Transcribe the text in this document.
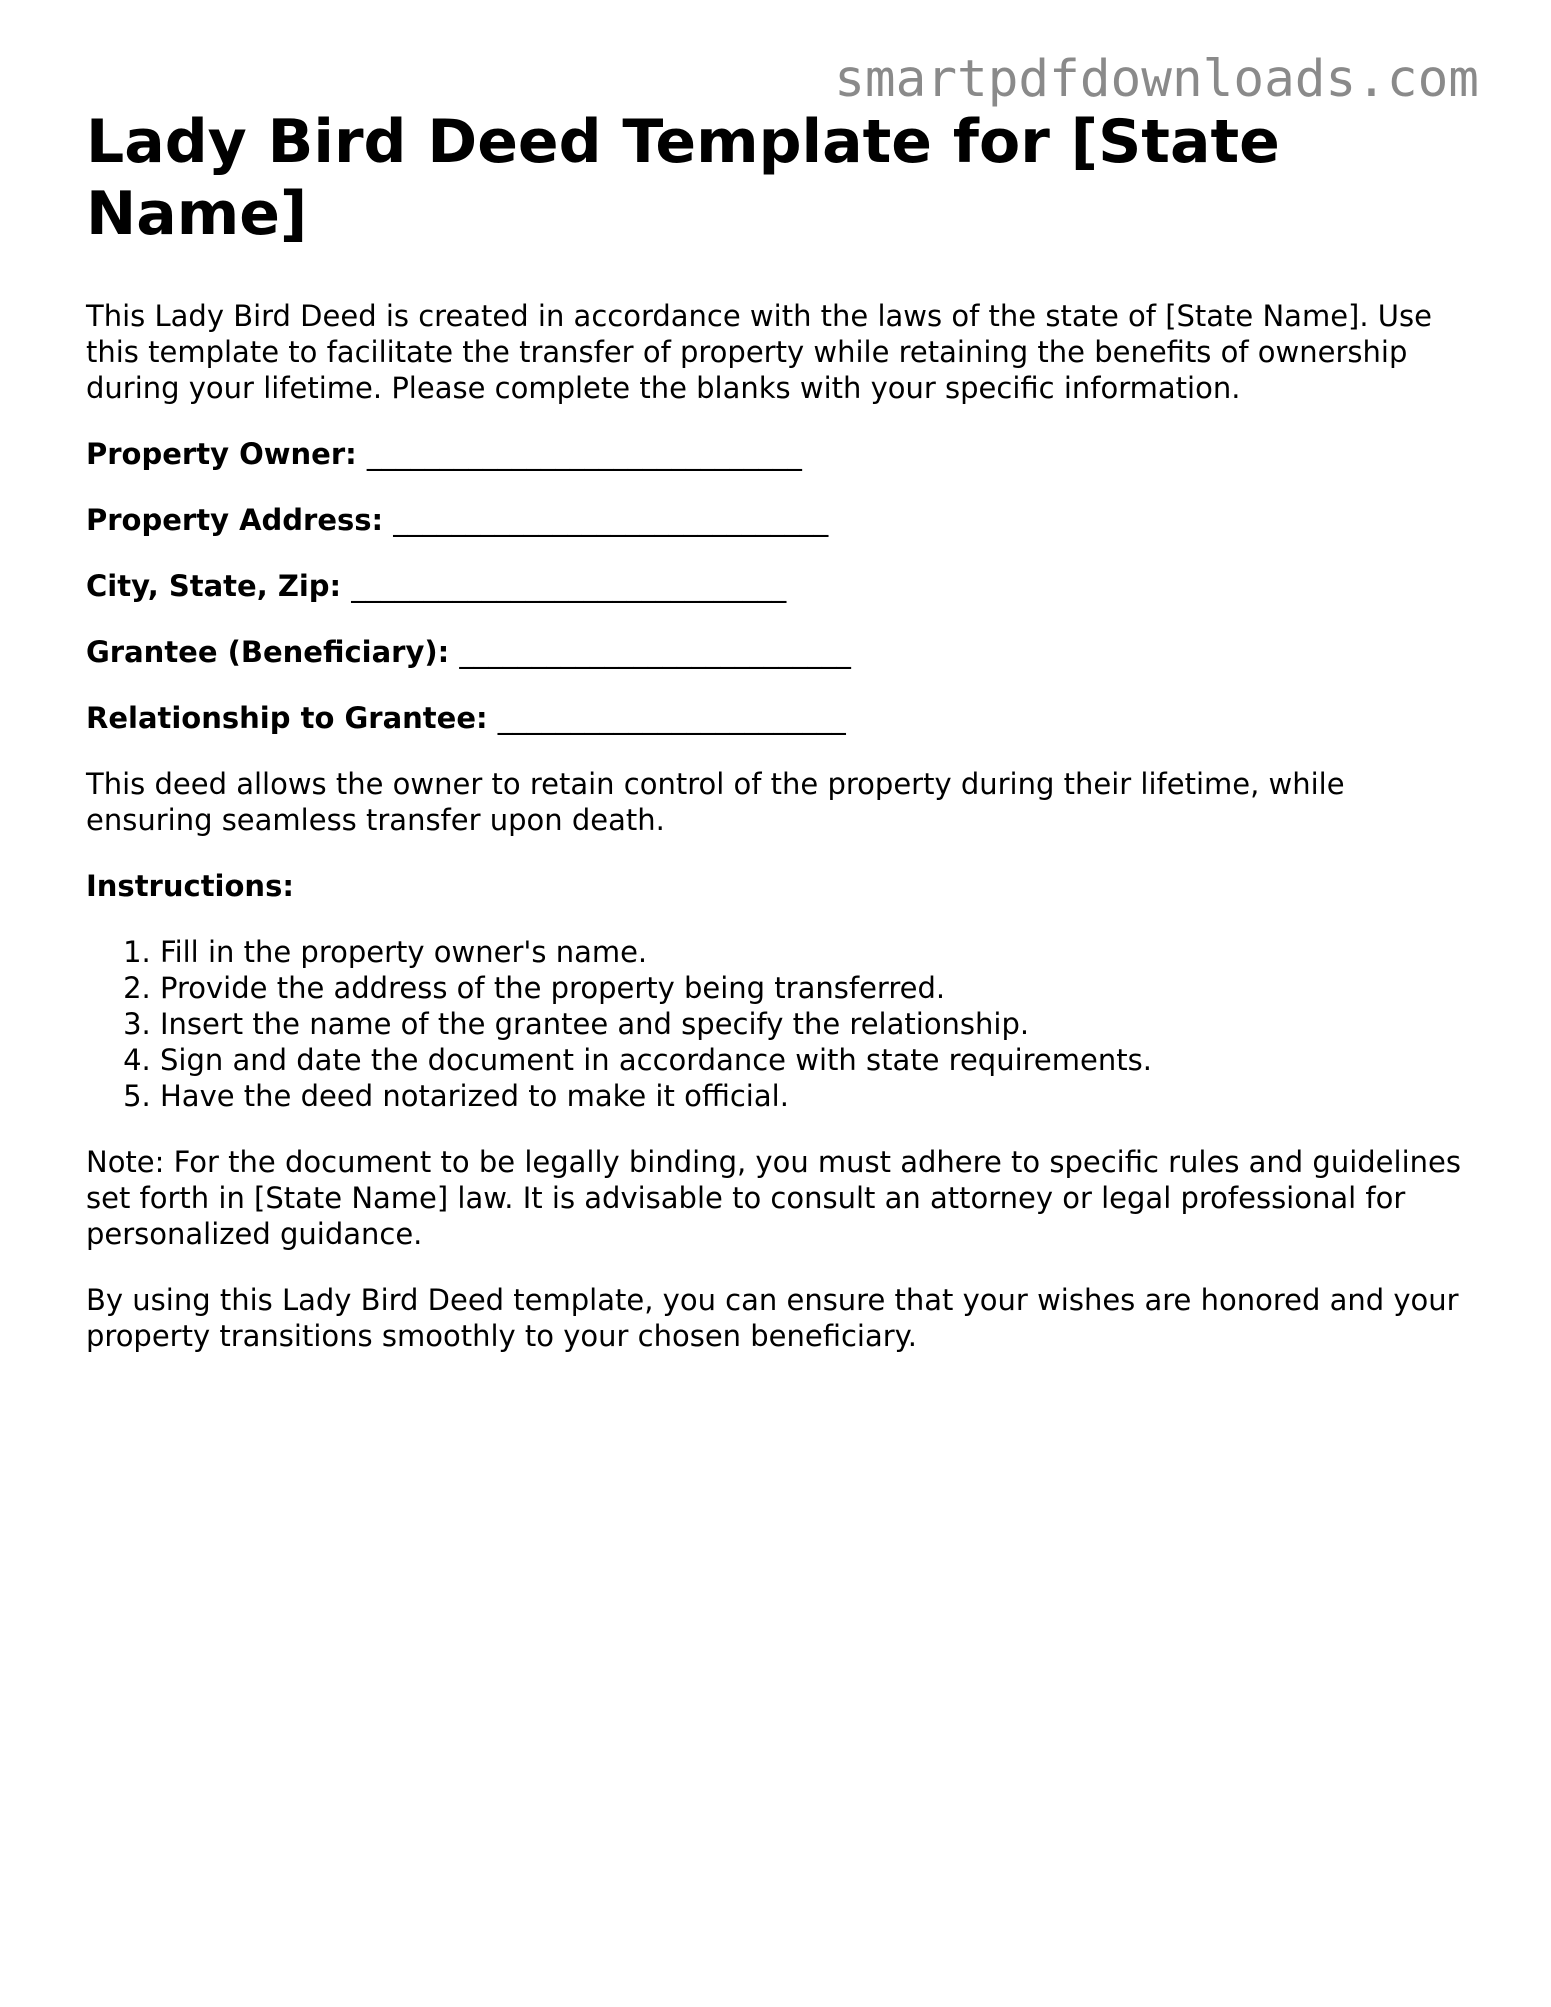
smartpdfdownloads.com
Lady Bird Deed Template for [State Name]

This Lady Bird Deed is created in accordance with the laws of the state of [State Name]. Use this template to facilitate the transfer of property while retaining the benefits of ownership during your lifetime. Please complete the blanks with your specific information.

Property Owner: ______________________________
Property Address: ______________________________
City, State, Zip: ______________________________
Grantee (Beneficiary): ___________________________
Relationship to Grantee: ________________________

This deed allows the owner to retain control of the property during their lifetime, while ensuring seamless transfer upon death.

Instructions:
1. Fill in the property owner's name.
2. Provide the address of the property being transferred.
3. Insert the name of the grantee and specify the relationship.
4. Sign and date the document in accordance with state requirements.
5. Have the deed notarized to make it official.

Note: For the document to be legally binding, you must adhere to specific rules and guidelines set forth in [State Name] law. It is advisable to consult an attorney or legal professional for personalized guidance.

By using this Lady Bird Deed template, you can ensure that your wishes are honored and your property transitions smoothly to your chosen beneficiary.
